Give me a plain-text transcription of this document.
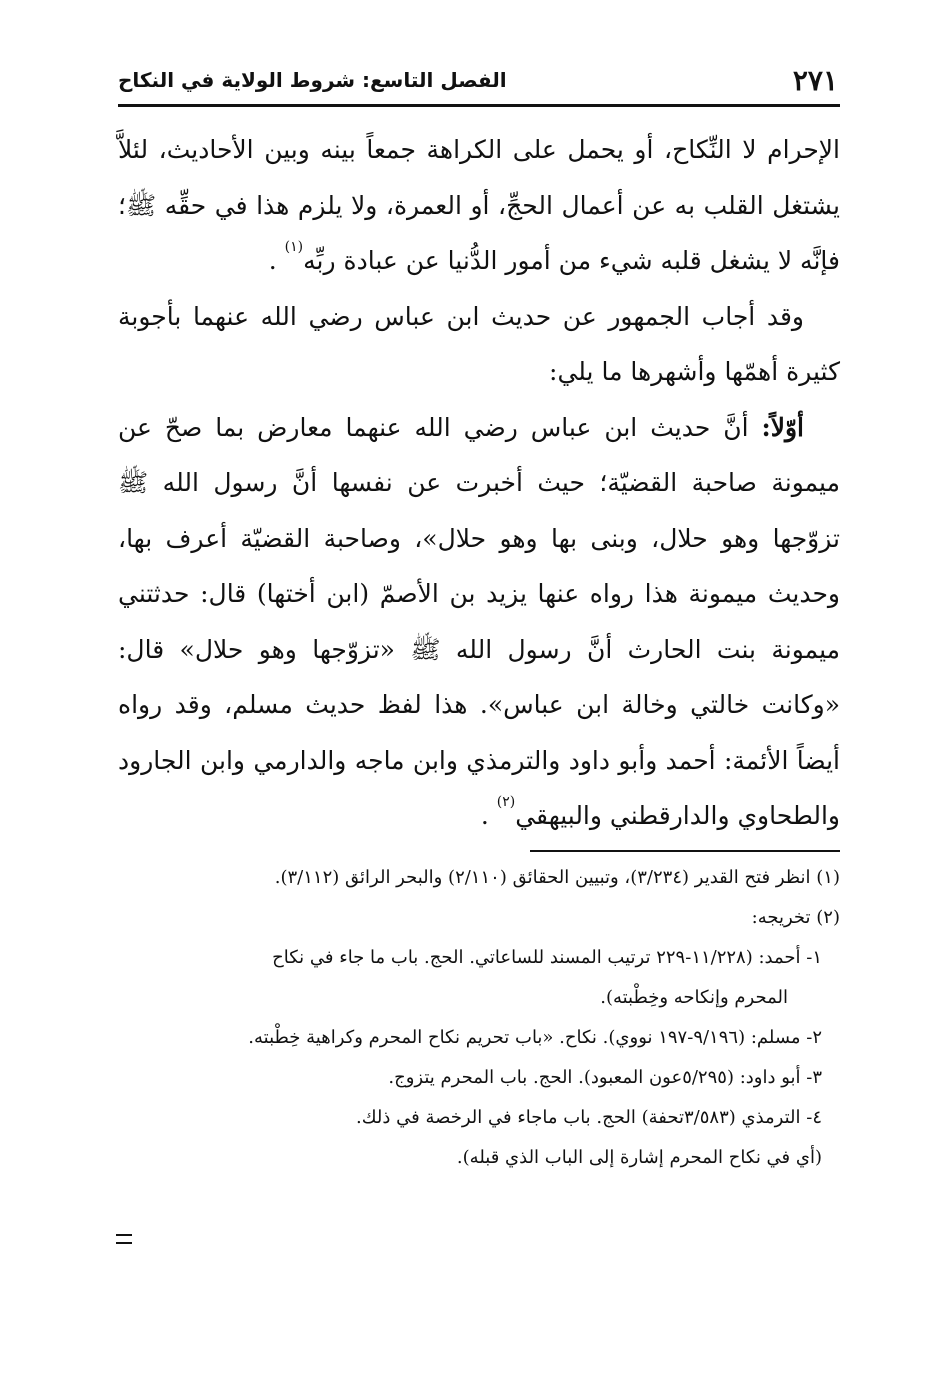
٢٧١
الفصل التاسع: شروط الولاية في النكاح

الإحرام لا النِّكاح، أو يحمل على الكراهة جمعاً بينه وبين الأحاديث، لئلاَّ يشتغل القلب به عن أعمال الحجِّ، أو العمرة، ولا يلزم هذا في حقِّه ﷺ؛ فإنَّه لا يشغل قلبه شيء من أمور الدُّنيا عن عبادة ربِّه$^{(١)}$ .

وقد أجاب الجمهور عن حديث ابن عباس رضي الله عنهما بأجوبة كثيرة أهمّها وأشهرها ما يلي:

أوّلاً: أنَّ حديث ابن عباس رضي الله عنهما معارض بما صحّ عن ميمونة صاحبة القضيّة؛ حيث أخبرت عن نفسها أنَّ رسول الله ﷺ تزوّجها وهو حلال، وبنى بها وهو حلال»، وصاحبة القضيّة أعرف بها، وحديث ميمونة هذا رواه عنها يزيد بن الأصمّ (ابن أختها) قال: حدثتني ميمونة بنت الحارث أنَّ رسول الله ﷺ «تزوّجها وهو حلال» قال: «وكانت خالتي وخالة ابن عباس». هذا لفظ حديث مسلم، وقد رواه أيضاً الأئمة: أحمد وأبو داود والترمذي وابن ماجه والدارمي وابن الجارود والطحاوي والدارقطني والبيهقي$^{(٢)}$ .

(١) انظر فتح القدير (٣/٢٣٤)، وتبيين الحقائق (٢/١١٠) والبحر الرائق (٣/١١٢).

(٢) تخريجه:

١- أحمد: (١١/٢٢٨-٢٢٩ ترتيب المسند للساعاتي. الحج. باب ما جاء في نكاح

المحرم وإنكاحه وخِطْبته).

٢- مسلم: (٩/١٩٦-١٩٧ نووي). نكاح. «باب تحريم نكاح المحرم وكراهية خِطْبته.

٣- أبو داود: (٥/٢٩٥عون المعبود). الحج. باب المحرم يتزوج.

٤- الترمذي (٣/٥٨٣تحفة) الحج. باب ماجاء في الرخصة في ذلك.

(أي في نكاح المحرم إشارة إلى الباب الذي قبله).
